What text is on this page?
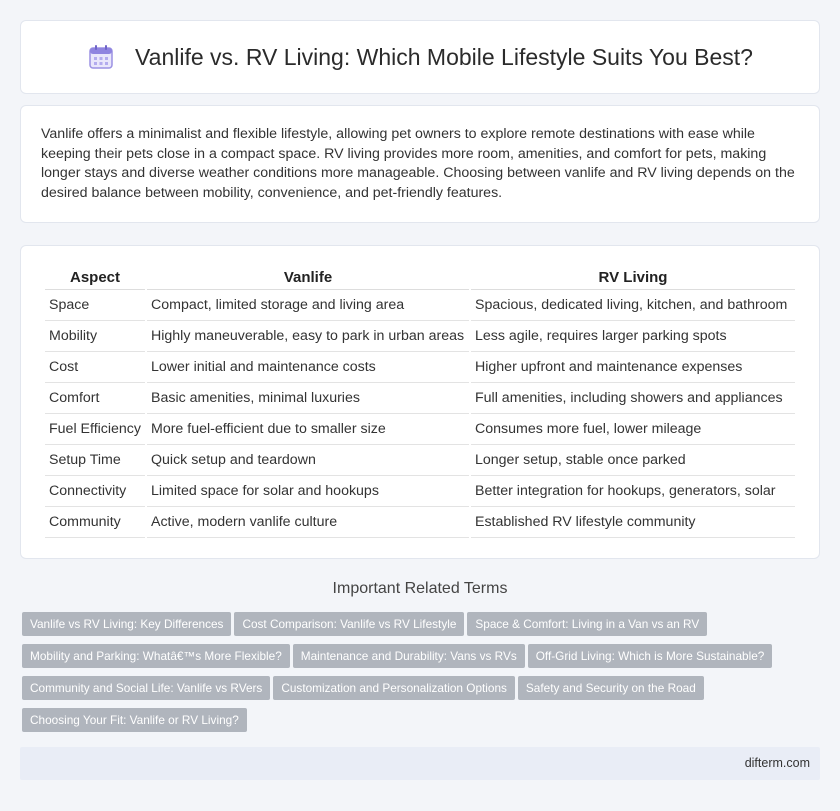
Vanlife vs. RV Living: Which Mobile Lifestyle Suits You Best?

Vanlife offers a minimalist and flexible lifestyle, allowing pet owners to explore remote destinations with ease while keeping their pets close in a compact space. RV living provides more room, amenities, and comfort for pets, making longer stays and diverse weather conditions more manageable. Choosing between vanlife and RV living depends on the desired balance between mobility, convenience, and pet-friendly features.

Aspect	Vanlife	RV Living
Space	Compact, limited storage and living area	Spacious, dedicated living, kitchen, and bathroom
Mobility	Highly maneuverable, easy to park in urban areas	Less agile, requires larger parking spots
Cost	Lower initial and maintenance costs	Higher upfront and maintenance expenses
Comfort	Basic amenities, minimal luxuries	Full amenities, including showers and appliances
Fuel Efficiency	More fuel-efficient due to smaller size	Consumes more fuel, lower mileage
Setup Time	Quick setup and teardown	Longer setup, stable once parked
Connectivity	Limited space for solar and hookups	Better integration for hookups, generators, solar
Community	Active, modern vanlife culture	Established RV lifestyle community
Important Related Terms
Vanlife vs RV Living: Key Differences Cost Comparison: Vanlife vs RV Lifestyle Space & Comfort: Living in a Van vs an RVMobility and Parking: Whatâ€™s More Flexible? Maintenance and Durability: Vans vs RVs Off-Grid Living: Which is More Sustainable?Community and Social Life: Vanlife vs RVers Customization and Personalization Options Safety and Security on the RoadChoosing Your Fit: Vanlife or RV Living?
difterm.com
